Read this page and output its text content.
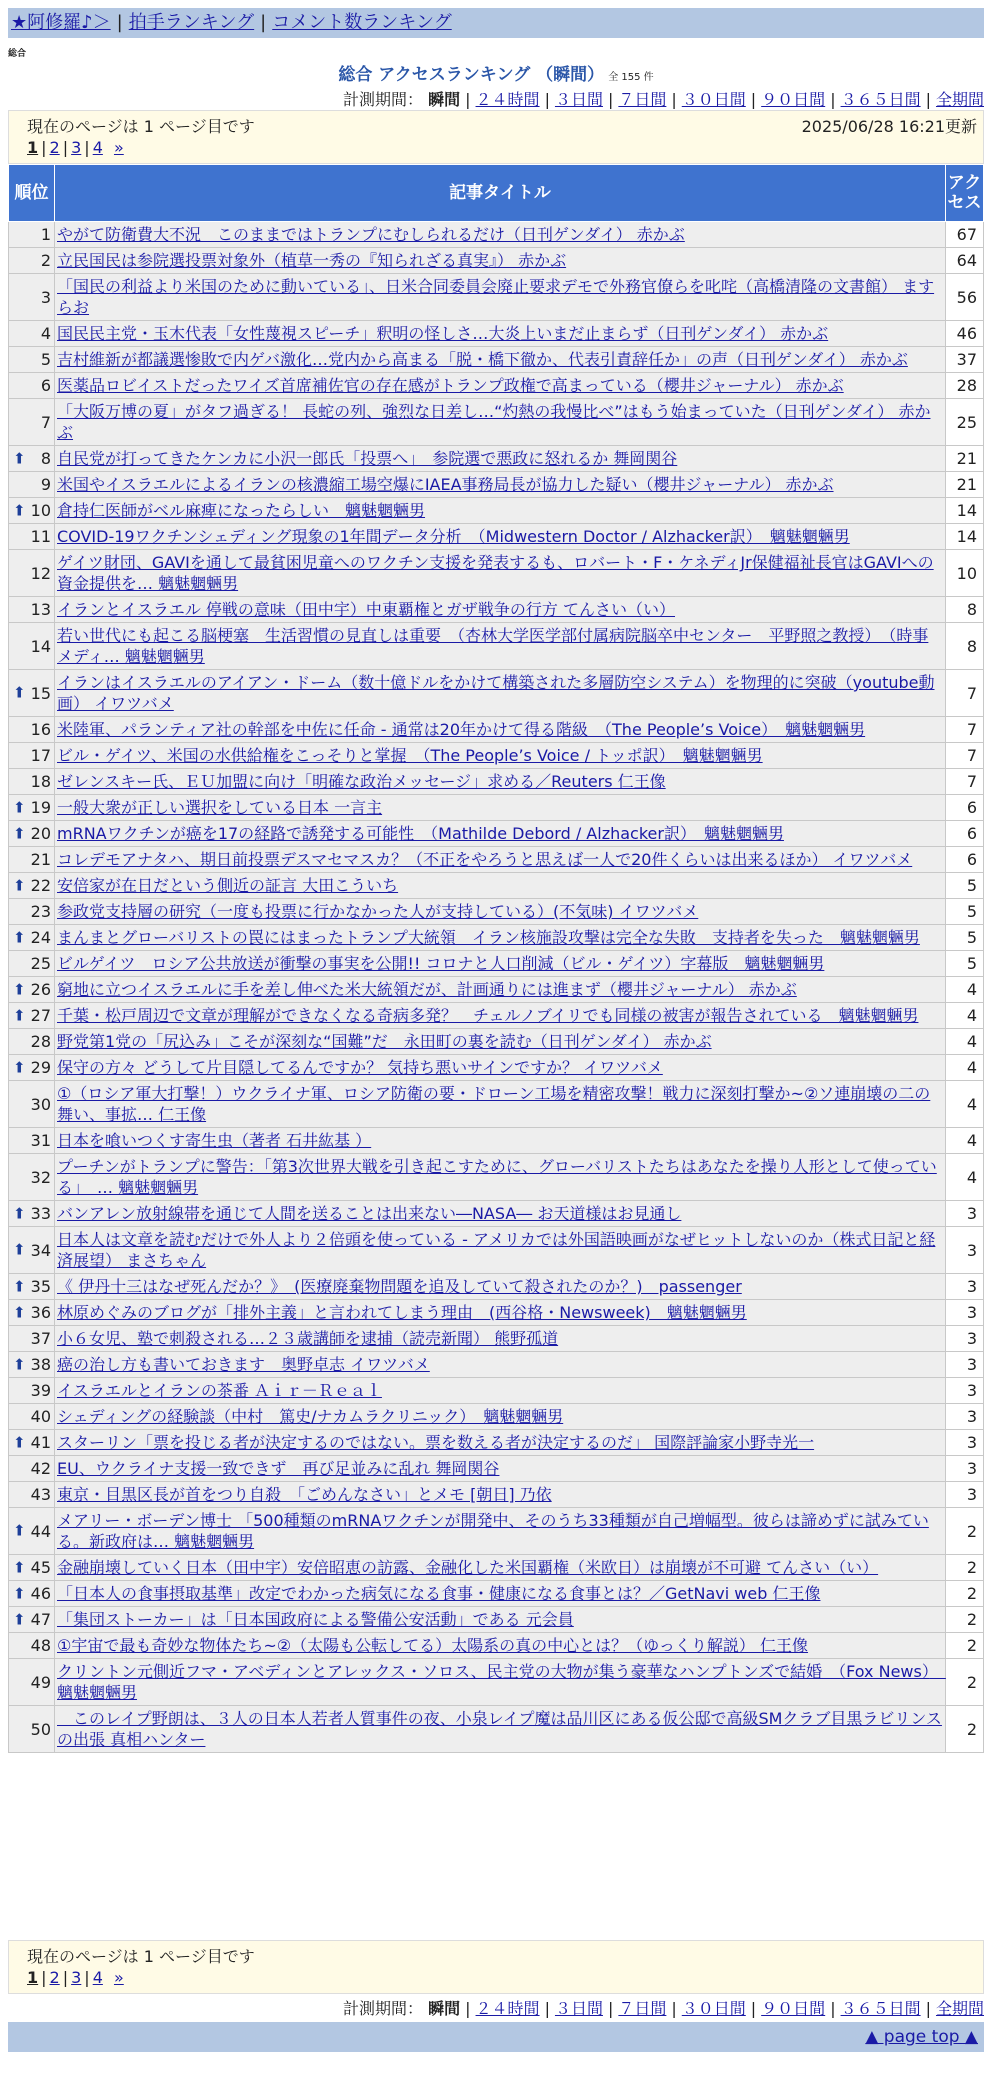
★阿修羅♪＞ | 拍手ランキング | コメント数ランキング
総合
総合 アクセスランキング （瞬間） 全 155 件
計測期間： 瞬間 | ２４時間 | ３日間 | ７日間 | ３０日間 | ９０日間 | ３６５日間 | 全期間
現在のページは 1 ページ目です	2025/06/28 16:21更新
1 | 2 | 3 | 4 »
順位	記事タイトル	アクセス
1	やがて防衛費大不況　このままではトランプにむしられるだけ（日刊ゲンダイ） 赤かぶ	67
2	立民国民は参院選投票対象外（植草一秀の『知られざる真実』） 赤かぶ	64
3	「国民の利益より米国のために動いている」、日米合同委員会廃止要求デモで外務官僚らを叱咤（高橋清隆の文書館） ますらお	56
4	国民民主党・玉木代表「女性蔑視スピーチ」釈明の怪しさ…大炎上いまだ止まらず（日刊ゲンダイ） 赤かぶ	46
5	吉村維新が都議選惨敗で内ゲバ激化…党内から高まる「脱・橋下徹か、代表引責辞任か」の声（日刊ゲンダイ） 赤かぶ	37
6	医薬品ロビイストだったワイズ首席補佐官の存在感がトランプ政権で高まっている（櫻井ジャーナル） 赤かぶ	28
7	「大阪万博の夏」がタフ過ぎる！ 長蛇の列、強烈な日差し…“灼熱の我慢比べ”はもう始まっていた（日刊ゲンダイ） 赤かぶ	25

⬆ 8	自民党が打ってきたケンカに小沢一郎氏「投票へ」　参院選で悪政に怒れるか 舞岡関谷	21
9	米国やイスラエルによるイランの核濃縮工場空爆にIAEA事務局長が協力した疑い（櫻井ジャーナル） 赤かぶ	21

⬆ 10	倉持仁医師がベル麻痺になったらしい　魑魅魍魎男	14
11	COVID-19ワクチンシェディング現象の1年間データ分析　（Midwestern Doctor / Alzhacker訳）　魑魅魍魎男	14
12	ゲイツ財団、GAVIを通して最貧困児童へのワクチン支援を発表するも、ロバート・F・ケネディJr保健福祉長官はGAVIへの資金提供を… 魑魅魍魎男	10
13	イランとイスラエル 停戦の意味（田中宇）中東覇権とガザ戦争の行方 てんさい（い）	8
14	若い世代にも起こる脳梗塞　生活習慣の見直しは重要　（杏林大学医学部付属病院脳卒中センター　平野照之教授）　（時事メディ… 魑魅魍魎男	8

⬆ 15	イランはイスラエルのアイアン・ドーム（数十億ドルをかけて構築された多層防空システム）を物理的に突破（youtube動画） イワツバメ	7
16	米陸軍、パランティア社の幹部を中佐に任命 - 通常は20年かけて得る階級　（The People’s Voice）　魑魅魍魎男	7
17	ビル・ゲイツ、米国の水供給権をこっそりと掌握　（The People’s Voice / トッポ訳）　魑魅魍魎男	7
18	ゼレンスキー氏、ＥＵ加盟に向け「明確な政治メッセージ」求める／Reuters 仁王像	7

⬆ 19	一般大衆が正しい選択をしている日本 一言主	6

⬆ 20	mRNAワクチンが癌を17の経路で誘発する可能性　（Mathilde Debord / Alzhacker訳）　魑魅魍魎男	6
21	コレデモアナタハ、期日前投票デスマセマスカ？（不正をやろうと思えば一人で20件くらいは出来るほか） イワツバメ	6

⬆ 22	安倍家が在日だという側近の証言 大田こういち	5
23	参政党支持層の研究（一度も投票に行かなかった人が支持している）(不気味) イワツバメ	5

⬆ 24	まんまとグローバリストの罠にはまったトランプ大統領　イラン核施設攻撃は完全な失敗　支持者を失った　魑魅魍魎男	5
25	ビルゲイツ　ロシア公共放送が衝撃の事実を公開!! コロナと人口削減（ビル・ゲイツ）字幕版　魑魅魍魎男	5

⬆ 26	窮地に立つイスラエルに手を差し伸べた米大統領だが、計画通りには進まず（櫻井ジャーナル） 赤かぶ	4

⬆ 27	千葉・松戸周辺で文章が理解ができなくなる奇病多発？　チェルノブイリでも同様の被害が報告されている　魑魅魍魎男	4
28	野党第1党の「尻込み」こそが深刻な“国難”だ　永田町の裏を読む（日刊ゲンダイ） 赤かぶ	4

⬆ 29	保守の方々 どうして片目隠してるんですか？ 気持ち悪いサインですか？ イワツバメ	4
30	①（ロシア軍大打撃！）ウクライナ軍、ロシア防衛の要・ドローン工場を精密攻撃！戦力に深刻打撃か~②ソ連崩壊の二の舞い、事拡… 仁王像	4
31	日本を喰いつくす寄生虫（著者 石井紘基 ）	4
32	プーチンがトランプに警告：「第3次世界大戦を引き起こすために、グローバリストたちはあなたを操り人形として使っている」　… 魑魅魍魎男	4

⬆ 33	バンアレン放射線帯を通じて人間を送ることは出来ない―NASA― お天道様はお見通し	3

⬆ 34	日本人は文章を読むだけで外人より２倍頭を使っている - アメリカでは外国語映画がなぜヒットしないのか（株式日記と経済展望） まさちゃん	3

⬆ 35	《 伊丹十三はなぜ死んだか？》　(医療廃棄物問題を追及していて殺されたのか？)　passenger	3

⬆ 36	林原めぐみのブログが「排外主義」と言われてしまう理由　(西谷格・Newsweek)　魑魅魍魎男	3
37	小６女児、塾で刺殺される…２３歳講師を逮捕（読売新聞） 熊野孤道	3

⬆ 38	癌の治し方も書いておきます　奥野卓志 イワツバメ	3
39	イスラエルとイランの茶番 Ａｉｒ－Ｒｅａｌ	3
40	シェディングの経験談（中村　篤史/ナカムラクリニック）　魑魅魍魎男	3

⬆ 41	スターリン「票を投じる者が決定するのではない。票を数える者が決定するのだ」 国際評論家小野寺光一	3
42	EU、ウクライナ支援一致できず　再び足並みに乱れ 舞岡関谷	3
43	東京・目黒区長が首をつり自殺　「ごめんなさい」とメモ [朝日] 乃依	3

⬆ 44	メアリー・ボーデン博士 「500種類のmRNAワクチンが開発中、そのうち33種類が自己増幅型。彼らは諦めずに試みている。新政府は… 魑魅魍魎男	2

⬆ 45	金融崩壊していく日本（田中宇）安倍昭恵の訪露、金融化した米国覇権（米欧日）は崩壊が不可避 てんさい（い）	2

⬆ 46	「日本人の食事摂取基準」改定でわかった病気になる食事・健康になる食事とは？／GetNavi web 仁王像	2

⬆ 47	「集団ストーカー」は「日本国政府による警備公安活動」である 元会員	2
48	①宇宙で最も奇妙な物体たち~②（太陽も公転してる）太陽系の真の中心とは？（ゆっくり解説） 仁王像	2
49	クリントン元側近フマ・アベディンとアレックス・ソロス、民主党の大物が集う豪華なハンプトンズで結婚　（Fox News）　魑魅魍魎男	2
50	　このレイプ野朗は、３人の日本人若者人質事件の夜、小泉レイプ魔は品川区にある仮公邸で高級SMクラブ目黒ラビリンスの出張 真相ハンター	2
現在のページは 1 ページ目です
1 | 2 | 3 | 4 »
計測期間： 瞬間 | ２４時間 | ３日間 | ７日間 | ３０日間 | ９０日間 | ３６５日間 | 全期間
▲ page top ▲
